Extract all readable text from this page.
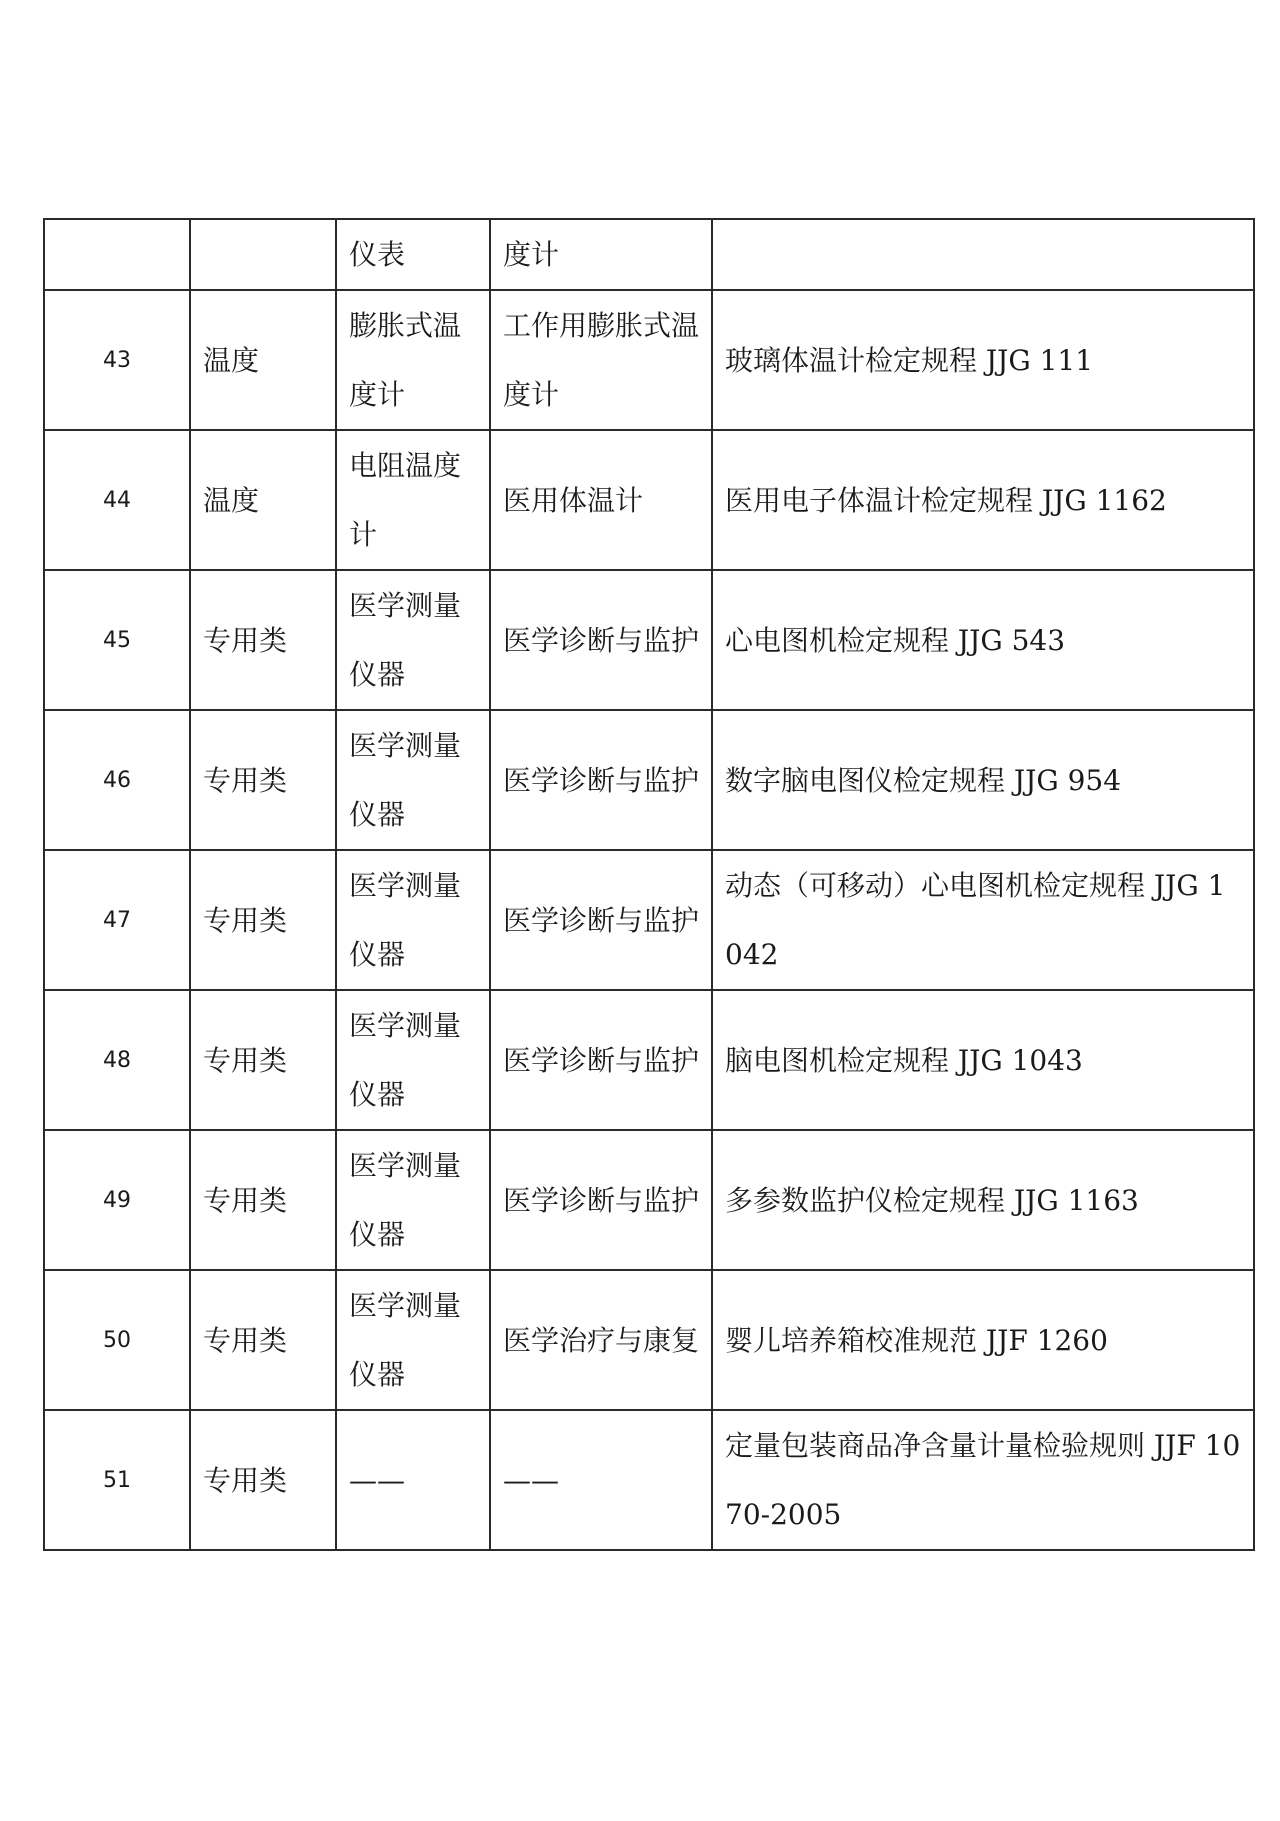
		仪表	度计	
43	温度	膨胀式温度计	工作用膨胀式温度计	玻璃体温计检定规程 JJG 111
44	温度	电阻温度计	医用体温计	医用电子体温计检定规程 JJG 1162
45	专用类	医学测量仪器	医学诊断与监护	心电图机检定规程 JJG 543
46	专用类	医学测量仪器	医学诊断与监护	数字脑电图仪检定规程 JJG 954
47	专用类	医学测量仪器	医学诊断与监护	动态（可移动）心电图机检定规程 JJG 1042
48	专用类	医学测量仪器	医学诊断与监护	脑电图机检定规程 JJG 1043
49	专用类	医学测量仪器	医学诊断与监护	多参数监护仪检定规程 JJG 1163
50	专用类	医学测量仪器	医学治疗与康复	婴儿培养箱校准规范 JJF 1260
51	专用类	——	——	定量包装商品净含量计量检验规则 JJF 1070-2005
